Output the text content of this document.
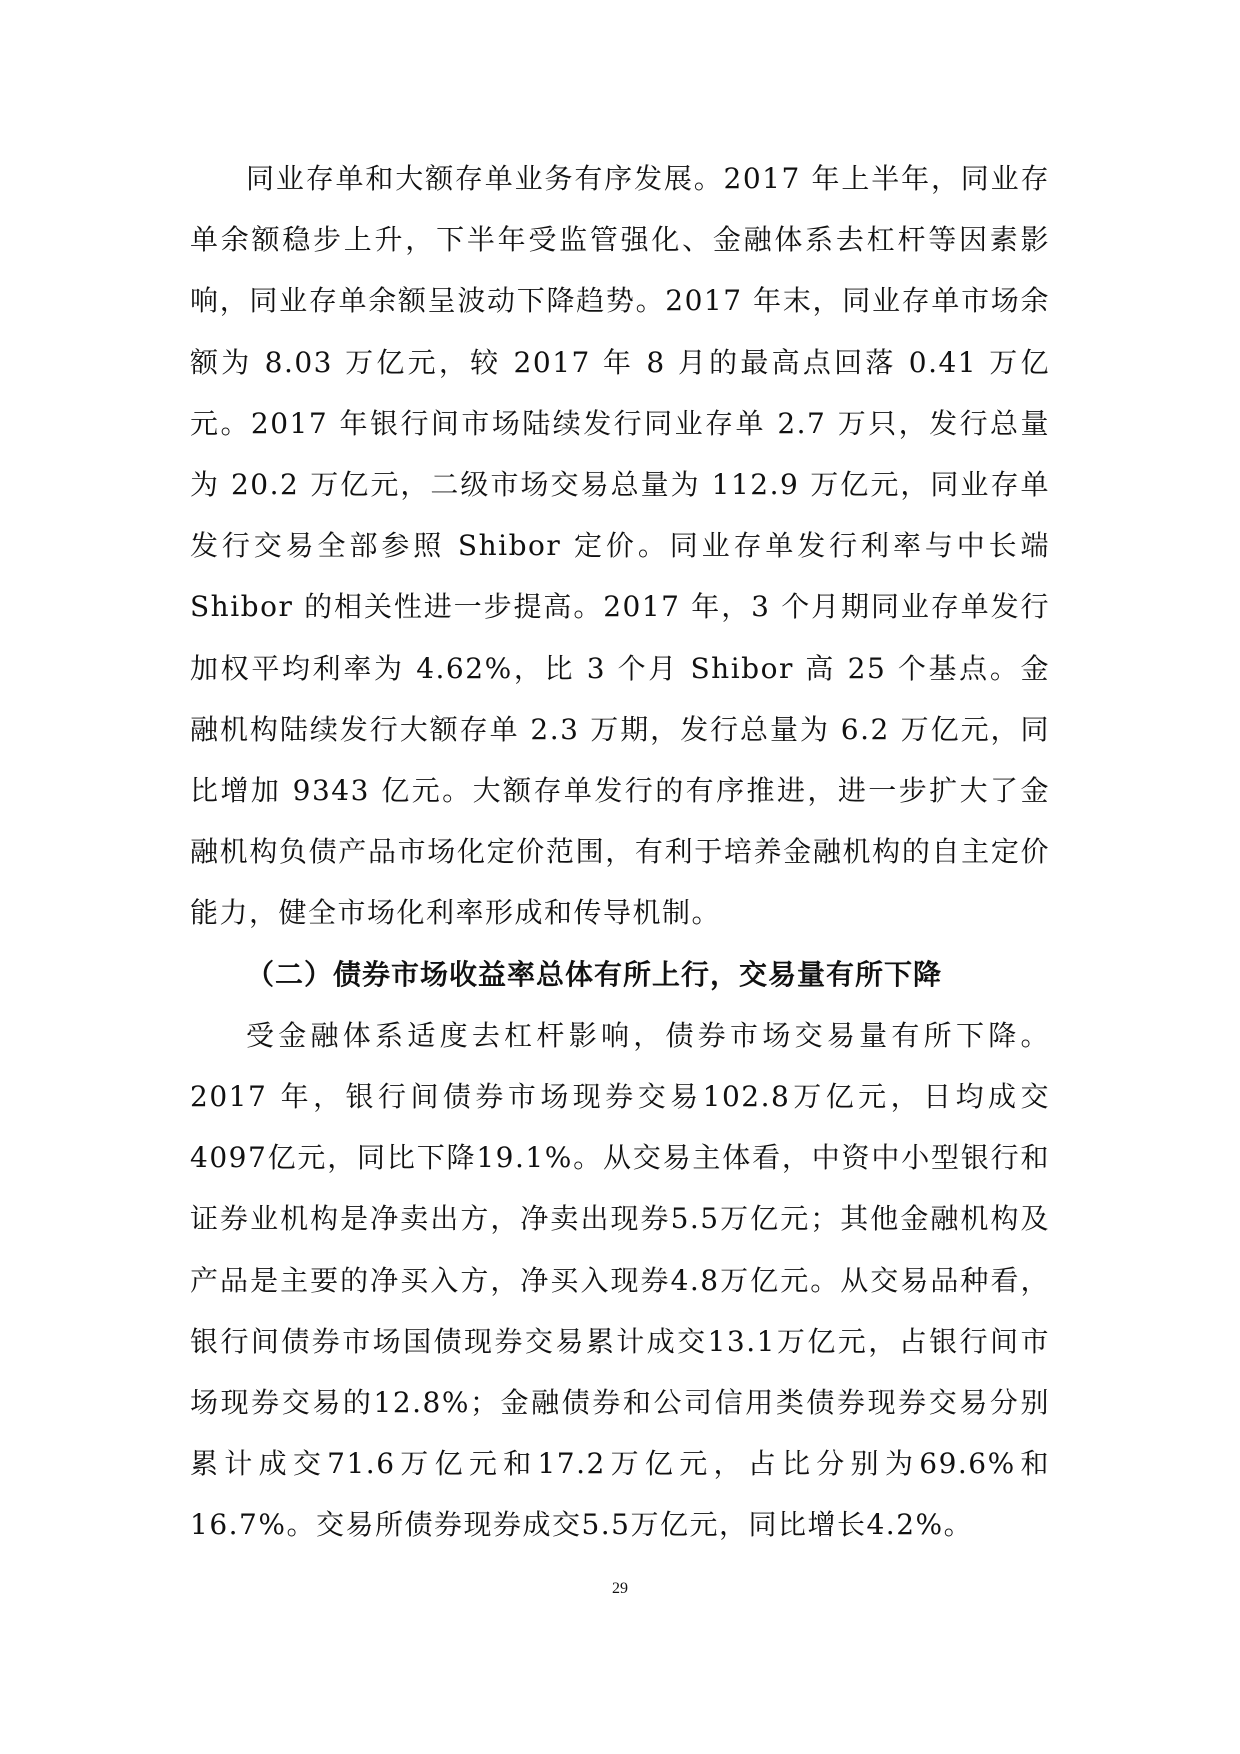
同业存单和大额存单业务有序发展。2017 年上半年，同业存单余额稳步上升，下半年受监管强化、金融体系去杠杆等因素影响，同业存单余额呈波动下降趋势。2017 年末，同业存单市场余额为 8.03 万亿元，较 2017 年 8 月的最高点回落 0.41 万亿元。2017 年银行间市场陆续发行同业存单 2.7 万只，发行总量为 20.2 万亿元，二级市场交易总量为 112.9 万亿元，同业存单发行交易全部参照 Shibor 定价。同业存单发行利率与中长端 Shibor 的相关性进一步提高。2017 年，3 个月期同业存单发行加权平均利率为 4.62%，比 3 个月 Shibor 高 25 个基点。金融机构陆续发行大额存单 2.3 万期，发行总量为 6.2 万亿元，同比增加 9343 亿元。大额存单发行的有序推进，进一步扩大了金融机构负债产品市场化定价范围，有利于培养金融机构的自主定价能力，健全市场化利率形成和传导机制。

（二）债券市场收益率总体有所上行，交易量有所下降

受金融体系适度去杠杆影响，债券市场交易量有所下降。2017 年，银行间债券市场现券交易102.8万亿元，日均成交4097亿元，同比下降19.1%。从交易主体看，中资中小型银行和证券业机构是净卖出方，净卖出现券5.5万亿元；其他金融机构及产品是主要的净买入方，净买入现券4.8万亿元。从交易品种看，银行间债券市场国债现券交易累计成交13.1万亿元，占银行间市场现券交易的12.8%；金融债券和公司信用类债券现券交易分别累计成交71.6万亿元和17.2万亿元，占比分别为69.6%和16.7%。交易所债券现券成交5.5万亿元，同比增长4.2%。

29
